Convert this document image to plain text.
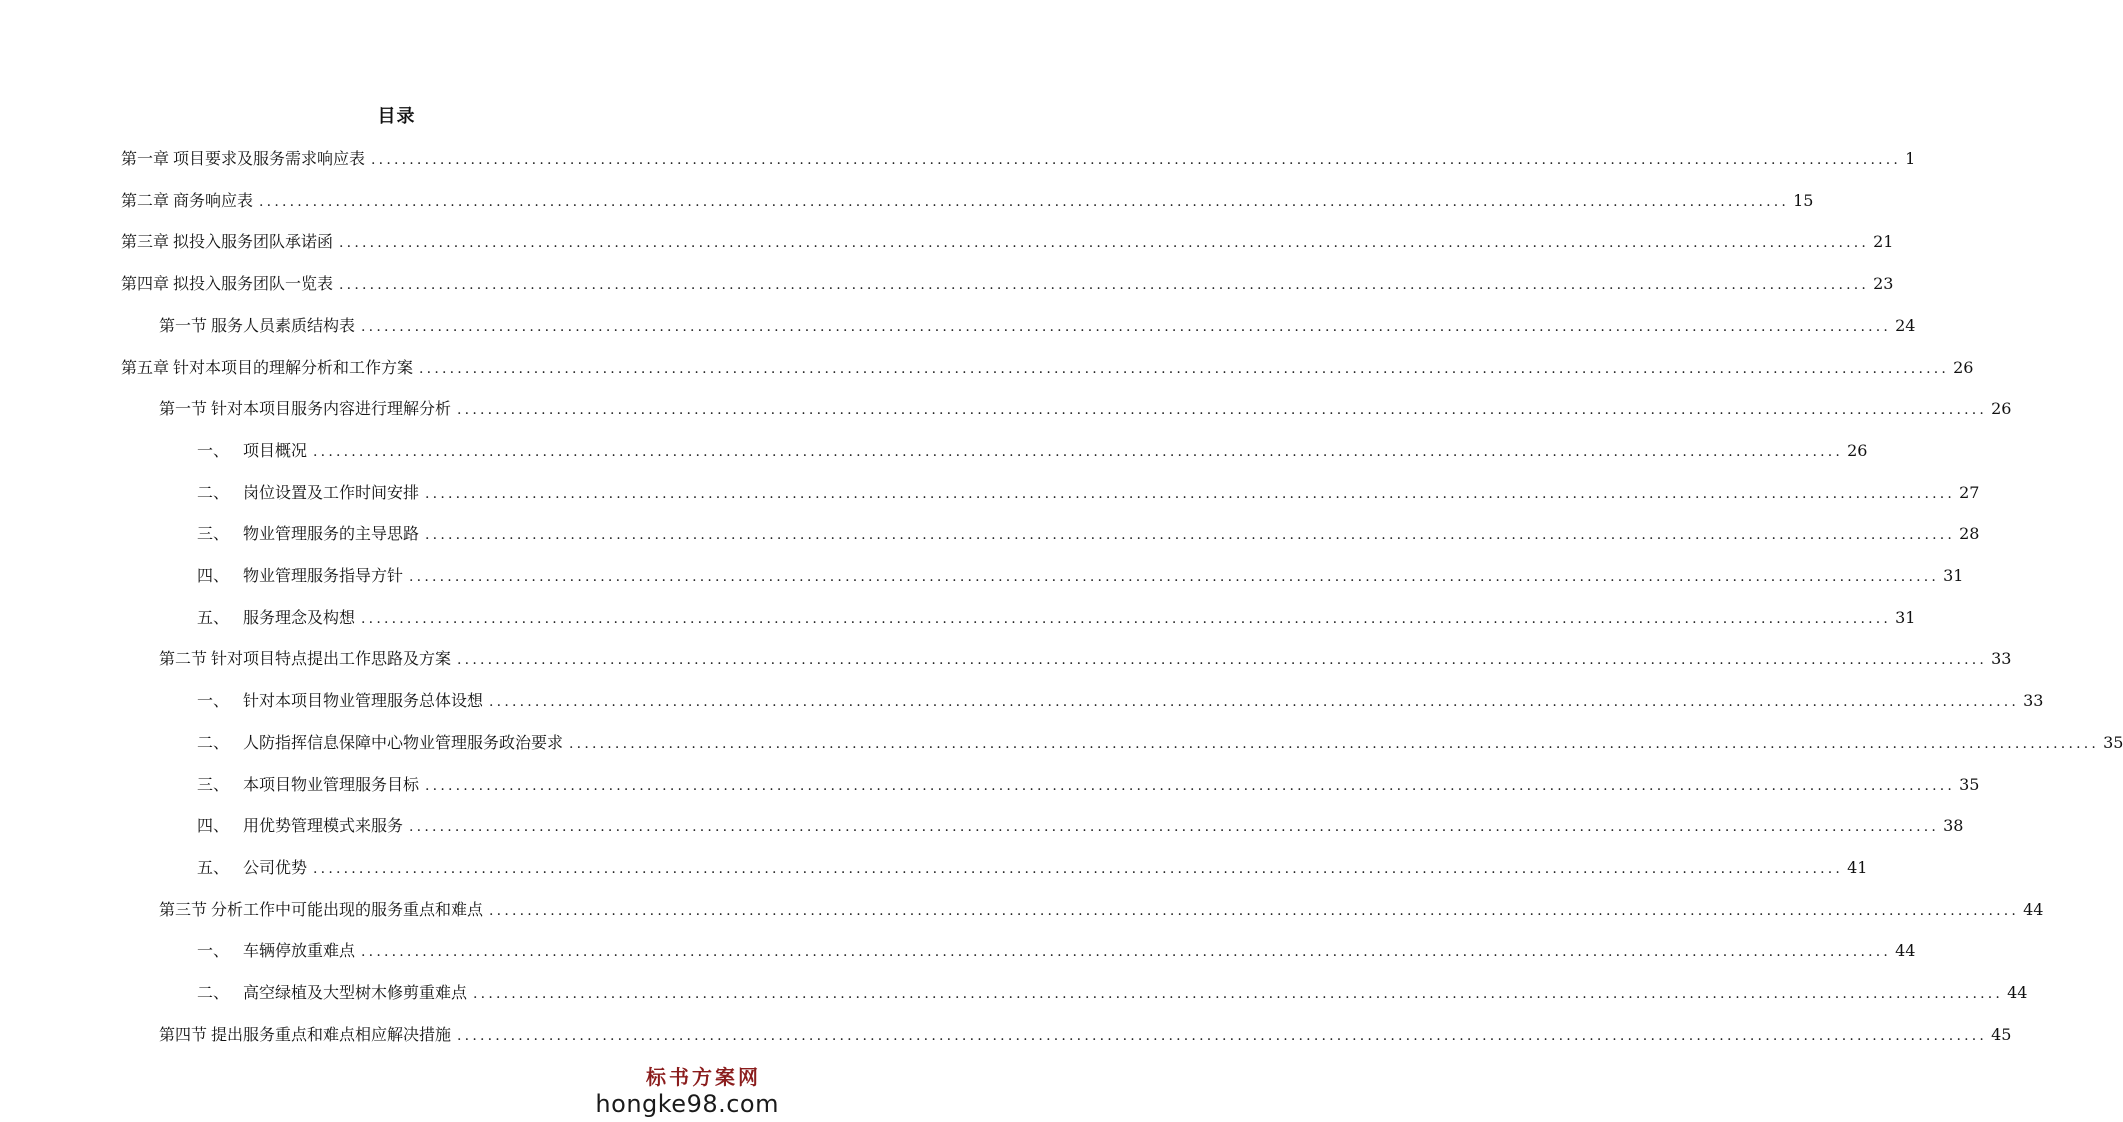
目录
第一章 项目要求及服务需求响应表 ........................................................................................................................................................................................................ 1
第二章 商务响应表 ........................................................................................................................................................................................................ 15
第三章 拟投入服务团队承诺函 ........................................................................................................................................................................................................ 21
第四章 拟投入服务团队一览表 ........................................................................................................................................................................................................ 23
第一节 服务人员素质结构表 ........................................................................................................................................................................................................ 24
第五章 针对本项目的理解分析和工作方案 ........................................................................................................................................................................................................ 26
第一节 针对本项目服务内容进行理解分析 ........................................................................................................................................................................................................ 26
一、 项目概况 ........................................................................................................................................................................................................ 26
二、 岗位设置及工作时间安排 ........................................................................................................................................................................................................ 27
三、 物业管理服务的主导思路 ........................................................................................................................................................................................................ 28
四、 物业管理服务指导方针 ........................................................................................................................................................................................................ 31
五、 服务理念及构想 ........................................................................................................................................................................................................ 31
第二节 针对项目特点提出工作思路及方案 ........................................................................................................................................................................................................ 33
一、 针对本项目物业管理服务总体设想 ........................................................................................................................................................................................................ 33
二、 人防指挥信息保障中心物业管理服务政治要求 ........................................................................................................................................................................................................ 35
三、 本项目物业管理服务目标 ........................................................................................................................................................................................................ 35
四、 用优势管理模式来服务 ........................................................................................................................................................................................................ 38
五、 公司优势 ........................................................................................................................................................................................................ 41
第三节 分析工作中可能出现的服务重点和难点 ........................................................................................................................................................................................................ 44
一、 车辆停放重难点 ........................................................................................................................................................................................................ 44
二、 高空绿植及大型树木修剪重难点 ........................................................................................................................................................................................................ 44
第四节 提出服务重点和难点相应解决措施 ........................................................................................................................................................................................................ 45
标书方案网
hongke98.com
